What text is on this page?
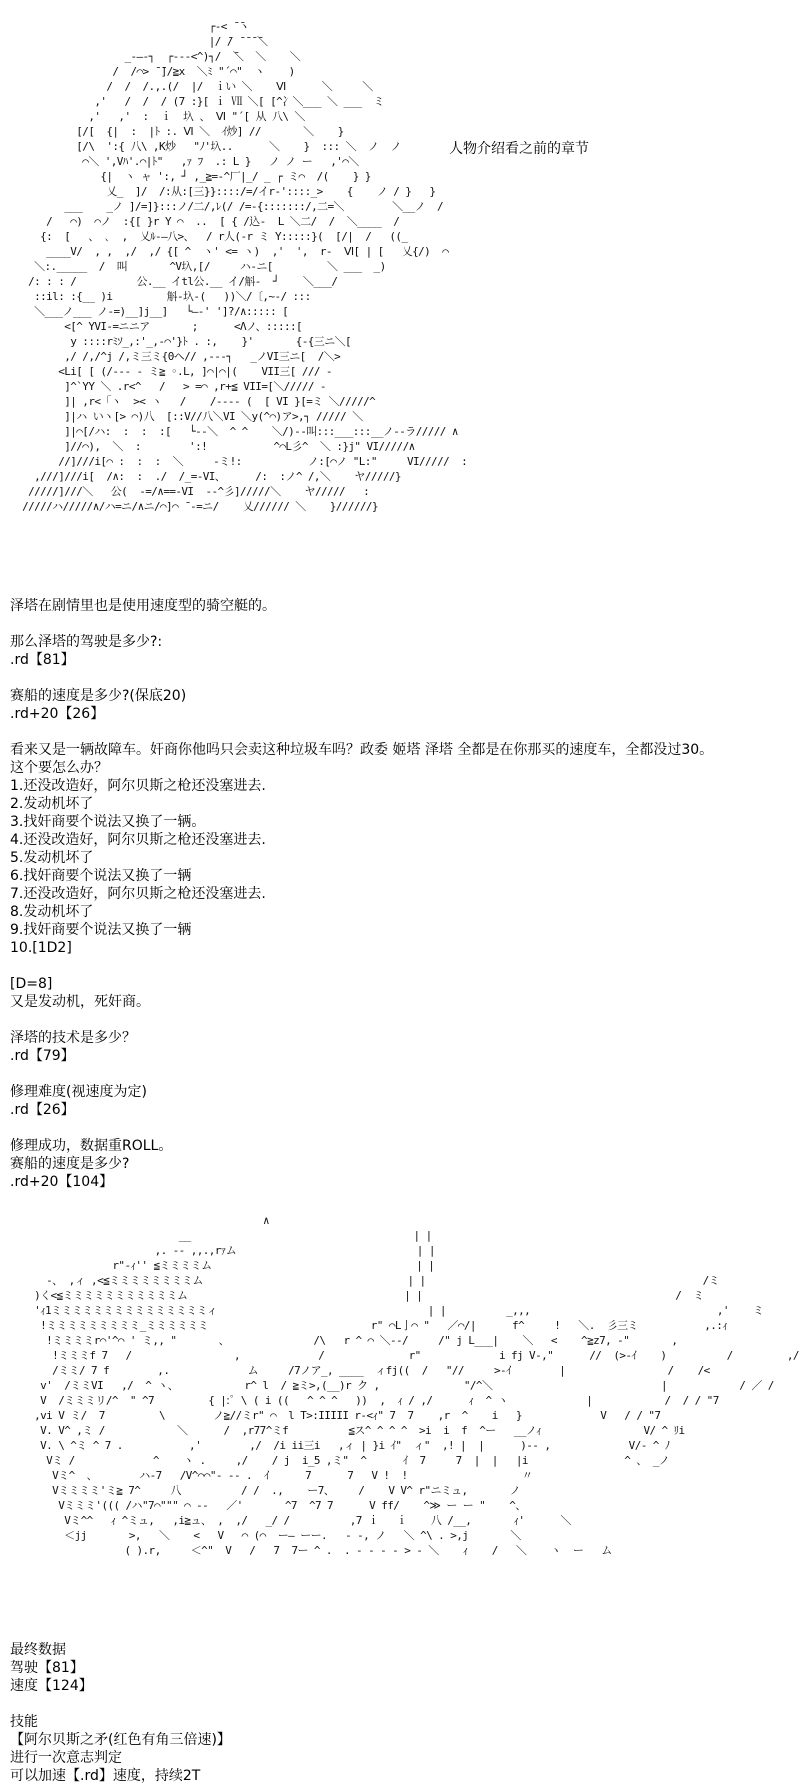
┌-< ̄ ̄ヽ
|/ ̄/ ̄ ̄ ̄ ̄＼
_-―-┐  ┌---<^)┐/  ̄＼  ＼    ＼
/  /⌒> ̄ ̄]/≧x  ＼ﾐ "´⌒"  ヽ    )
/  /  /.,.(/  |/  ｉい ＼    Ⅵ      ＼     ＼
,'   /  /  / (7 :}[ ｉ Ⅶ ＼[ [^冫＼___ ＼ ___  ミ
,'   ,'  :  ｉ  圦 、 Ⅵ "´[ 从 八\ ＼
[/[  {|  :  |ﾄ :. Ⅵ ＼  ｲ炒] //       ＼    }
[/\  ':{ 八\ ,K炒   "ﾉ'圦..      ＼    }  ::: ＼  ノ  ノ
⌒＼ ',Vﾊ'.⌒|ﾄ"   ,ｧ ﾌ  .: L }   ノ ノ ー   ,'⌒＼
{|  ヽ ャ ':, ┘ ,_≧=-^厂|_/ _ ┌ ミ⌒  /(    } }
乂_  ]/  /:从:[三}}::::/=/イr‐'::::_>    {    ノ / }   }
___    _ノ ]/=]}:::ノ/二/,ﾚ(/ /=-{:::::::/,二=＼        ＼__ノ  /
/   ⌒)  ⌒ノ  :{[ }r Y ⌒  ..  [ { /込-  L ＼二/  /  ＼____  /
{:  [   、 ､  ,  乂ﾙ-―八>、  / r人(-r ミ Y:::::}(  [/|  /   ((_
____V/  , ,  ,/  ,/ {[ ^  ヽ' <= ヽ)  ,'  ',  r-  Ⅵ[ | [   乂{/)  ⌒
＼:._____  /  叫       ^V圦,[/     ハ-ニ[         ＼ ___  _)
/: : : /          公.__ イtl公.__ イ/斛-  ┘    ＼___/
::il: :{__ )i         斛-圦-(   ))＼/〔,~-/ :::
＼___ノ___ ノ-=)__]j__]   └―-' ']?/∧::::: [
<[^ YVI-=ニニア       ;      <Λノ、:::::[
y ::::rﾐｿ_,:'_,-⌒'}ﾄ . :,    }'       {-{三ニ＼[
,/ /,/^j /,ミ三ミ{0ヘ// ,---┐   _ノVI三ニ[  /＼>
<Li[ [ (/--- - ミ≧ ◦.L, ]⌒|⌒|(    VII三[ /// -
]^`YY ＼ .r<^   /   > =⌒ ,r+≦ VII=[＼///// -
]| ,r<「ヽ  >< ヽ   /    /---- (  [ VI }[=ミ ＼/////^
]|ハ いヽ[> ⌒)八  [::V//八＼VI ＼y(^⌒)ア>,┐ ///// ＼
]|⌒[/ハ:  :  :  :[   └--＼  ^ ^    ＼/)--叫:::___:::__ノ--ラ///// ∧
]//⌒),  ＼  :        ':!           ^⌒L彡^  ＼ :}j" VI/////∧
//]///i[⌒ :  :  :  ＼     -ミ!:           ノ:[⌒ノ "L:"     VI/////  :
,///]///i[  /∧:  :  ./  /_=-VI、     /:  :ノ^ /,＼    ヤ/////}
/////]///＼   公(  -=/∧==-VI  --^彡]/////＼    ヤ/////   :
/////ハ/////∧/ハ=ニ/∧ニ/⌒]⌒ ̄ -=ニ/    乂////// ＼    }//////}
人物介绍看之前的章节
泽塔在剧情里也是使用速度型的骑空艇的。
那么泽塔的驾驶是多少?:
.rd【81】
赛船的速度是多少?(保底20)
.rd+20【26】
看来又是一辆故障车。奸商你他吗只会卖这种垃圾车吗？政委 姬塔 泽塔 全都是在你那买的速度车，全都没过30。
这个要怎么办？
1.还没改造好，阿尔贝斯之枪还没塞进去.
2.发动机坏了
3.找奸商要个说法又换了一辆。
4.还没改造好，阿尔贝斯之枪还没塞进去.
5.发动机坏了
6.找奸商要个说法又换了一辆
7.还没改造好，阿尔贝斯之枪还没塞进去.
8.发动机坏了
9.找奸商要个说法又换了一辆
10.[1D2]
[D=8]
又是发动机，死奸商。
泽塔的技术是多少？
.rd【79】
修理难度(视速度为定)
.rd【26】
修理成功，数据重ROLL。
赛船的速度是多少?
.rd+20【104】
∧
__                                     | |
,. -‐ ,,.,rｧム                              | |
r"-ｨ'' ≦ミミミミム                                  | |
-、 ,ィ ,<≦ミミミミミミミミム                                  | |                                              /ミ
)く<≦ミミミミミミミミミミミム                                    | |                                          /  ミ
'ｨ1ミミミミミミミミミミミミミミミィ                                   | |          _,,,                               ,'    ミ
!ミミミミミミミミミ_ミミミミミミ                           r" ⌒L亅⌒ "   ／⌒/|      f^     !   ＼.  彡三ミ           ,.:ｨ
!ミミミミr⌒'^⌒ ' ミ,, "       、              /\   r ^ ⌒ ＼-‐/     /" j L___|    ＼   <    ^≧z7, ‐"       ,
!ミミミf 7   /                 ,             /              r"             i fj V-,"      //  (>-ｲ    )          /         ,/
/ミミ/ 7 f        ,.             ム     /7ノア_, ____  ィfj((  /   "//     >-ｲ        |                 /    /<
v'  /ミミVI   ,/  ^ ヽ、           r^ l  / ≧ミ>,(__)r ク ,              "/^＼                            |            / ／ /
V  /ミミミリ/^  " ^7         { |:ﾟ \ ( i ((   ^ ^ ^   ))  ,  ｨ / ,/      ｨ  ^ ヽ             |            /  / / "7
,vi V ミ/  7         \        ノ≧//ミr" ⌒  l T>:IIIII r-<ｨ" 7  7    ,r  ^    i   }             V   / / "7
V. V^ ,ミ /            ＼      /  ,r77^ミf          ≦ス^ ^ ^ ^  >i  i  f  ^ー   __ノｨ                 V/ ^ ﾘi
V. \ ^ミ ^ 7 .           ,'        ,/  /i ii三i   ,ィ | }i ｲ"  ィ"  ,! |  |      )-- ,             V/- ^ ﾉ
Vミ /             ^    ヽ .     ,/    / j  i_5 ,ミ"  ^      ｲ  7     7  |  |   |i                ^ 、 _ノ
Vミ^  、       ハ-7   /V^⌒⌒"- -- .  ｲ      7      7   V !  !                   〃
Vミミミミ'ミ≧ 7^     八          / /  .,    ー7、    /    V V^ r"ニミュ,       ノ
Vミミミ'((( /ハ"7⌒""" ⌒ --   ／'       ^7  ^7 7      V ff/    ^≫ ー ー "    ^、
Vミ^^   ｨ ^ミュ,   ,i≧ュ、 ,  ,/   _/ /          ,7 ｉ   ｉ    八 /__,       ｨ'      ＼
＜jj       >,   ＼    <   V   ⌒ (⌒  ー― ーー.   - ‐, ノ   ＼ ^\ . >,j       ＼
( ).r,     ＜^"  V   /   7  7ー ^ .  . - - - - > ‐ ＼    ｨ    /   ＼    ヽ  ー   ム
最终数据
驾驶【81】
速度【124】
技能
【阿尔贝斯之矛(红色有角三倍速)】
进行一次意志判定
可以加速【.rd】速度，持续2T
